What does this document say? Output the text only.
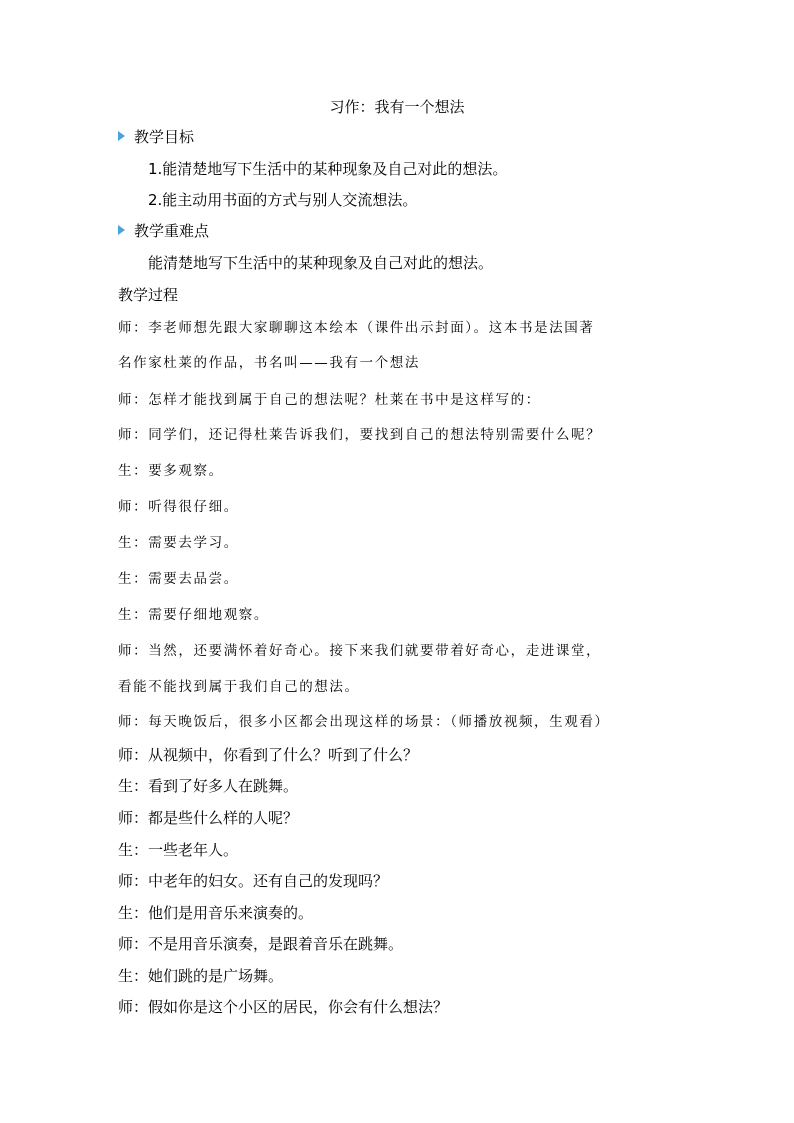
习作：我有一个想法
教学目标
1.能清楚地写下生活中的某种现象及自己对此的想法。
2.能主动用书面的方式与别人交流想法。
教学重难点
能清楚地写下生活中的某种现象及自己对此的想法。
教学过程
师：李老师想先跟大家聊聊这本绘本（课件出示封面）。这本书是法国著
名作家杜莱的作品，书名叫——我有一个想法
师：怎样才能找到属于自己的想法呢？杜莱在书中是这样写的：
师：同学们，还记得杜莱告诉我们，要找到自己的想法特别需要什么呢？
生：要多观察。
师：听得很仔细。
生：需要去学习。
生：需要去品尝。
生：需要仔细地观察。
师：当然，还要满怀着好奇心。接下来我们就要带着好奇心，走进课堂，
看能不能找到属于我们自己的想法。
师：每天晚饭后，很多小区都会出现这样的场景：（师播放视频，生观看）
师：从视频中，你看到了什么？听到了什么？
生：看到了好多人在跳舞。
师：都是些什么样的人呢？
生：一些老年人。
师：中老年的妇女。还有自己的发现吗？
生：他们是用音乐来演奏的。
师：不是用音乐演奏，是跟着音乐在跳舞。
生：她们跳的是广场舞。
师：假如你是这个小区的居民，你会有什么想法？
